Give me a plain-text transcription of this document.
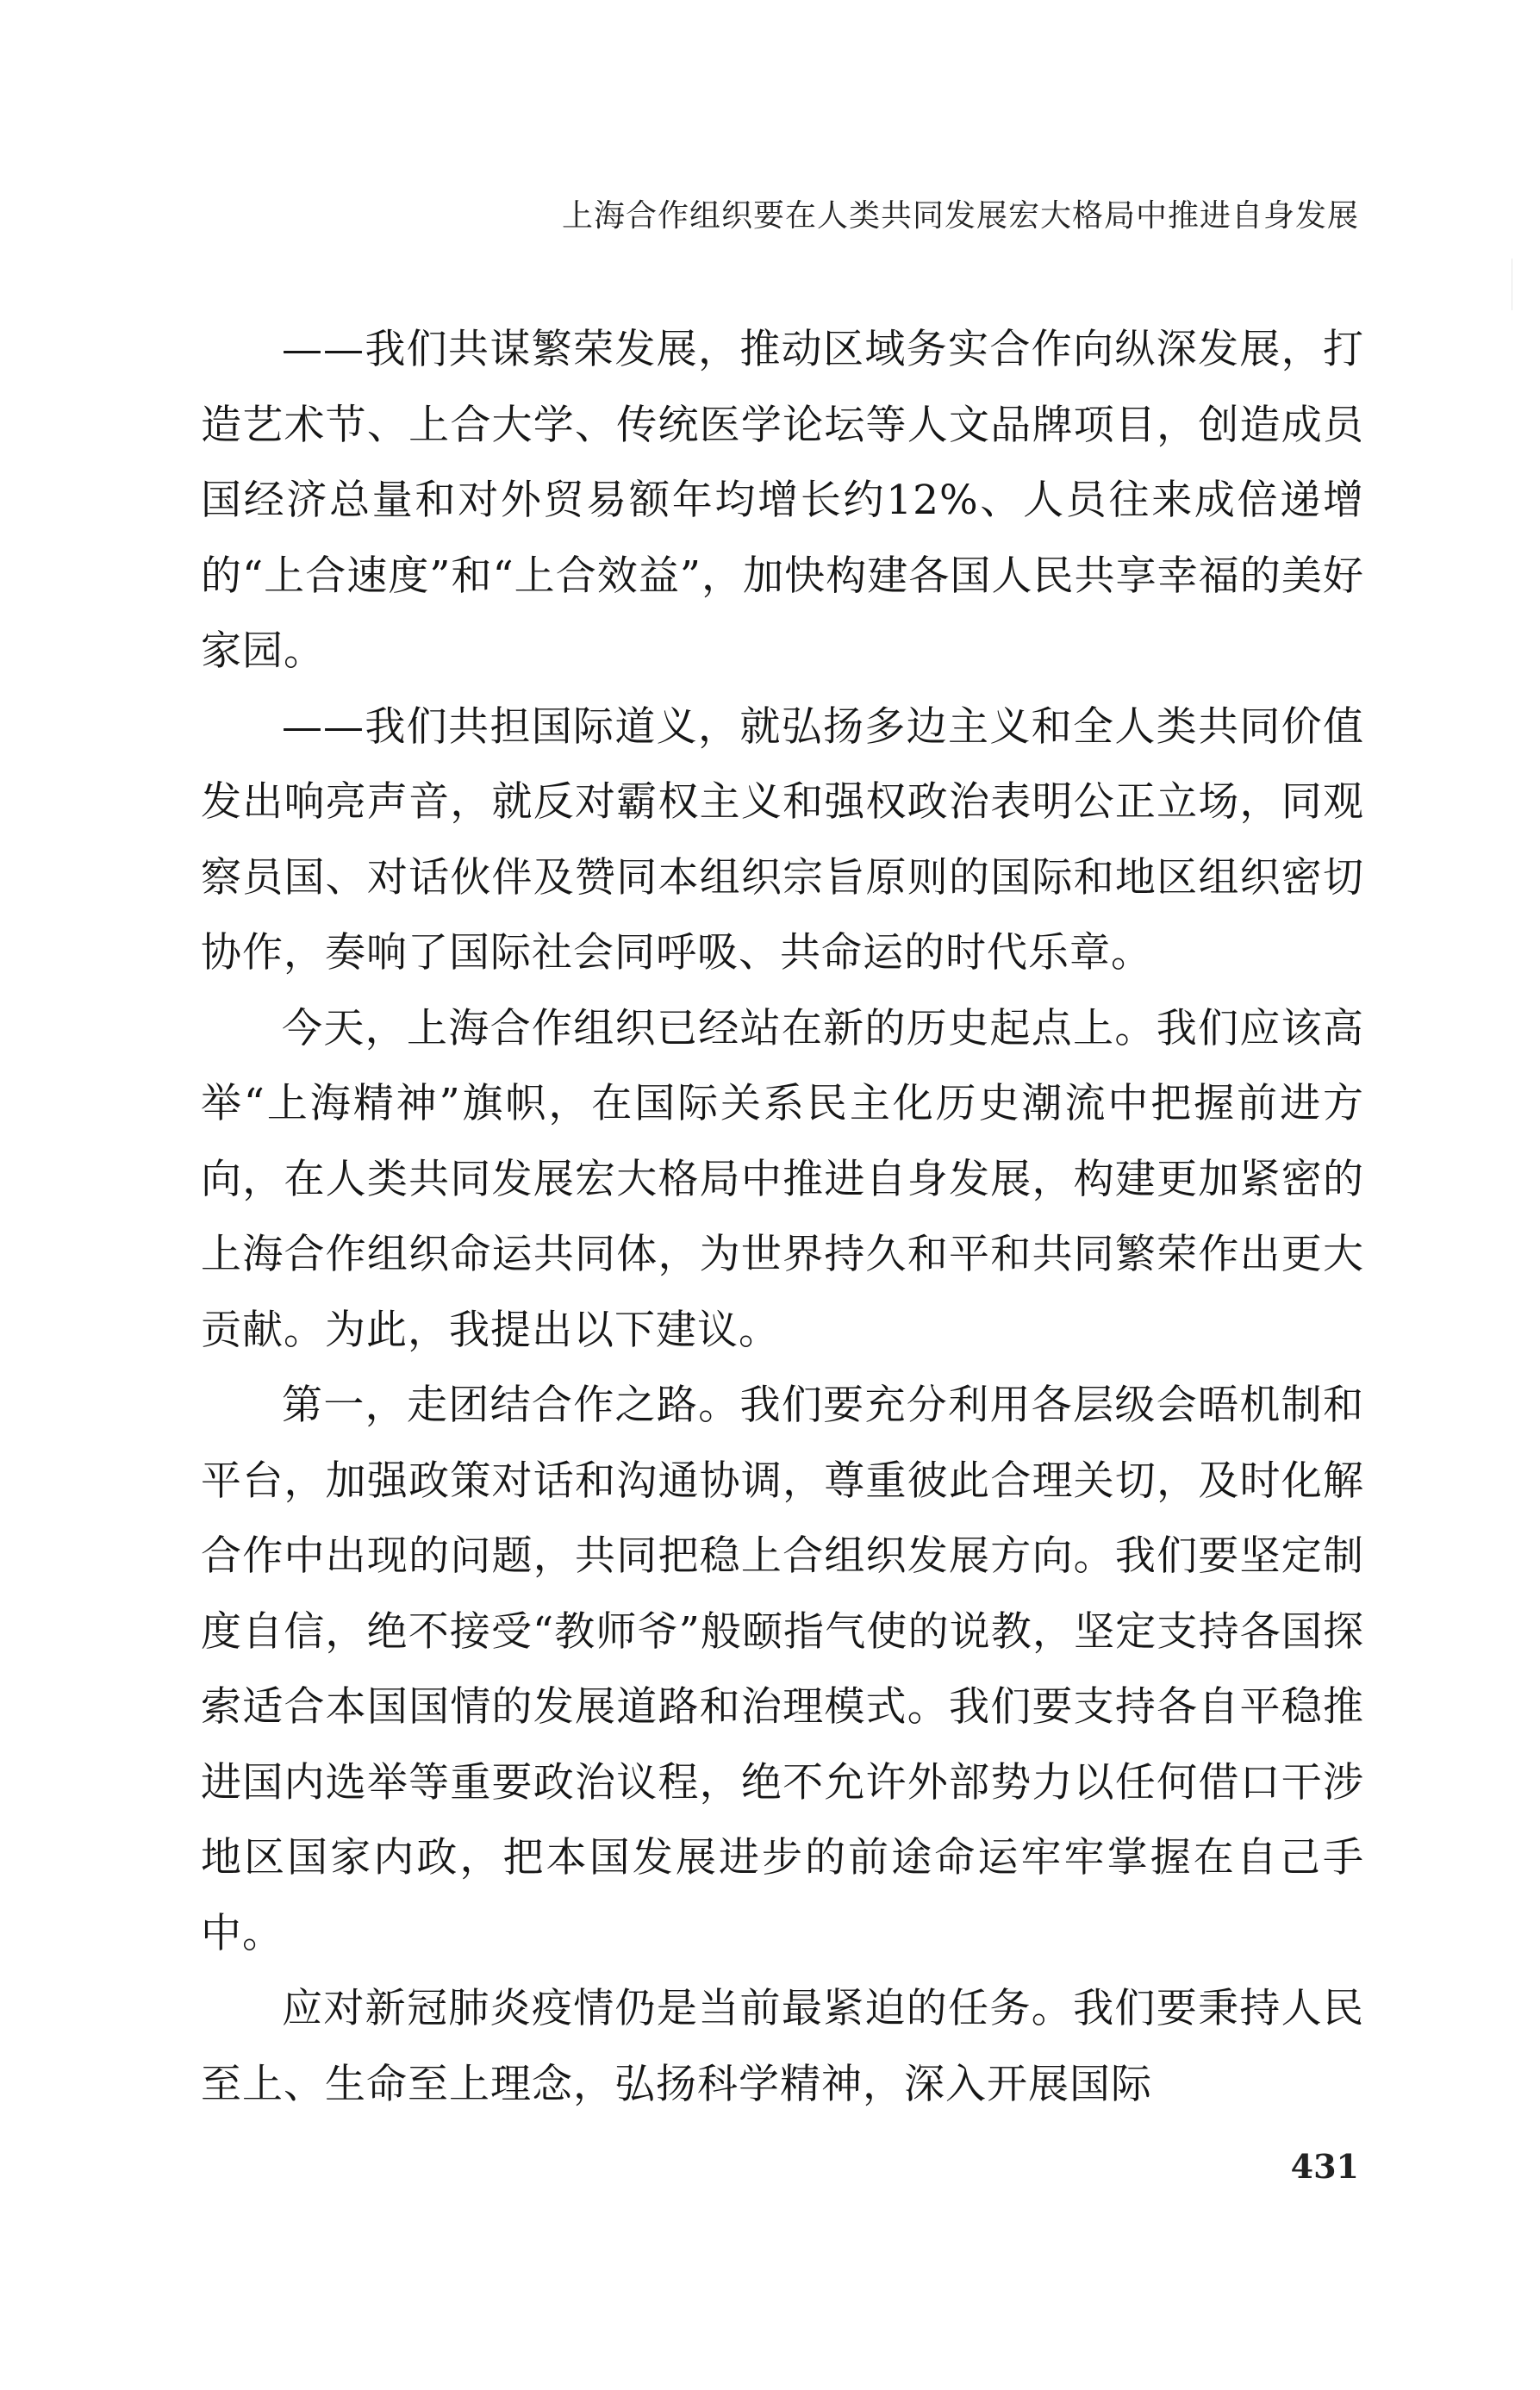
上海合作组织要在人类共同发展宏大格局中推进自身发展

——我们共谋繁荣发展，推动区域务实合作向纵深发展，打造艺术节、上合大学、传统医学论坛等人文品牌项目，创造成员国经济总量和对外贸易额年均增长约12%、人员往来成倍递增的“上合速度”和“上合效益”，加快构建各国人民共享幸福的美好家园。

——我们共担国际道义，就弘扬多边主义和全人类共同价值发出响亮声音，就反对霸权主义和强权政治表明公正立场，同观察员国、对话伙伴及赞同本组织宗旨原则的国际和地区组织密切协作，奏响了国际社会同呼吸、共命运的时代乐章。

今天，上海合作组织已经站在新的历史起点上。我们应该高举“上海精神”旗帜，在国际关系民主化历史潮流中把握前进方向，在人类共同发展宏大格局中推进自身发展，构建更加紧密的上海合作组织命运共同体，为世界持久和平和共同繁荣作出更大贡献。为此，我提出以下建议。

第一，走团结合作之路。我们要充分利用各层级会晤机制和平台，加强政策对话和沟通协调，尊重彼此合理关切，及时化解合作中出现的问题，共同把稳上合组织发展方向。我们要坚定制度自信，绝不接受“教师爷”般颐指气使的说教，坚定支持各国探索适合本国国情的发展道路和治理模式。我们要支持各自平稳推进国内选举等重要政治议程，绝不允许外部势力以任何借口干涉地区国家内政，把本国发展进步的前途命运牢牢掌握在自己手中。

应对新冠肺炎疫情仍是当前最紧迫的任务。我们要秉持人民至上、生命至上理念，弘扬科学精神，深入开展国际

431
